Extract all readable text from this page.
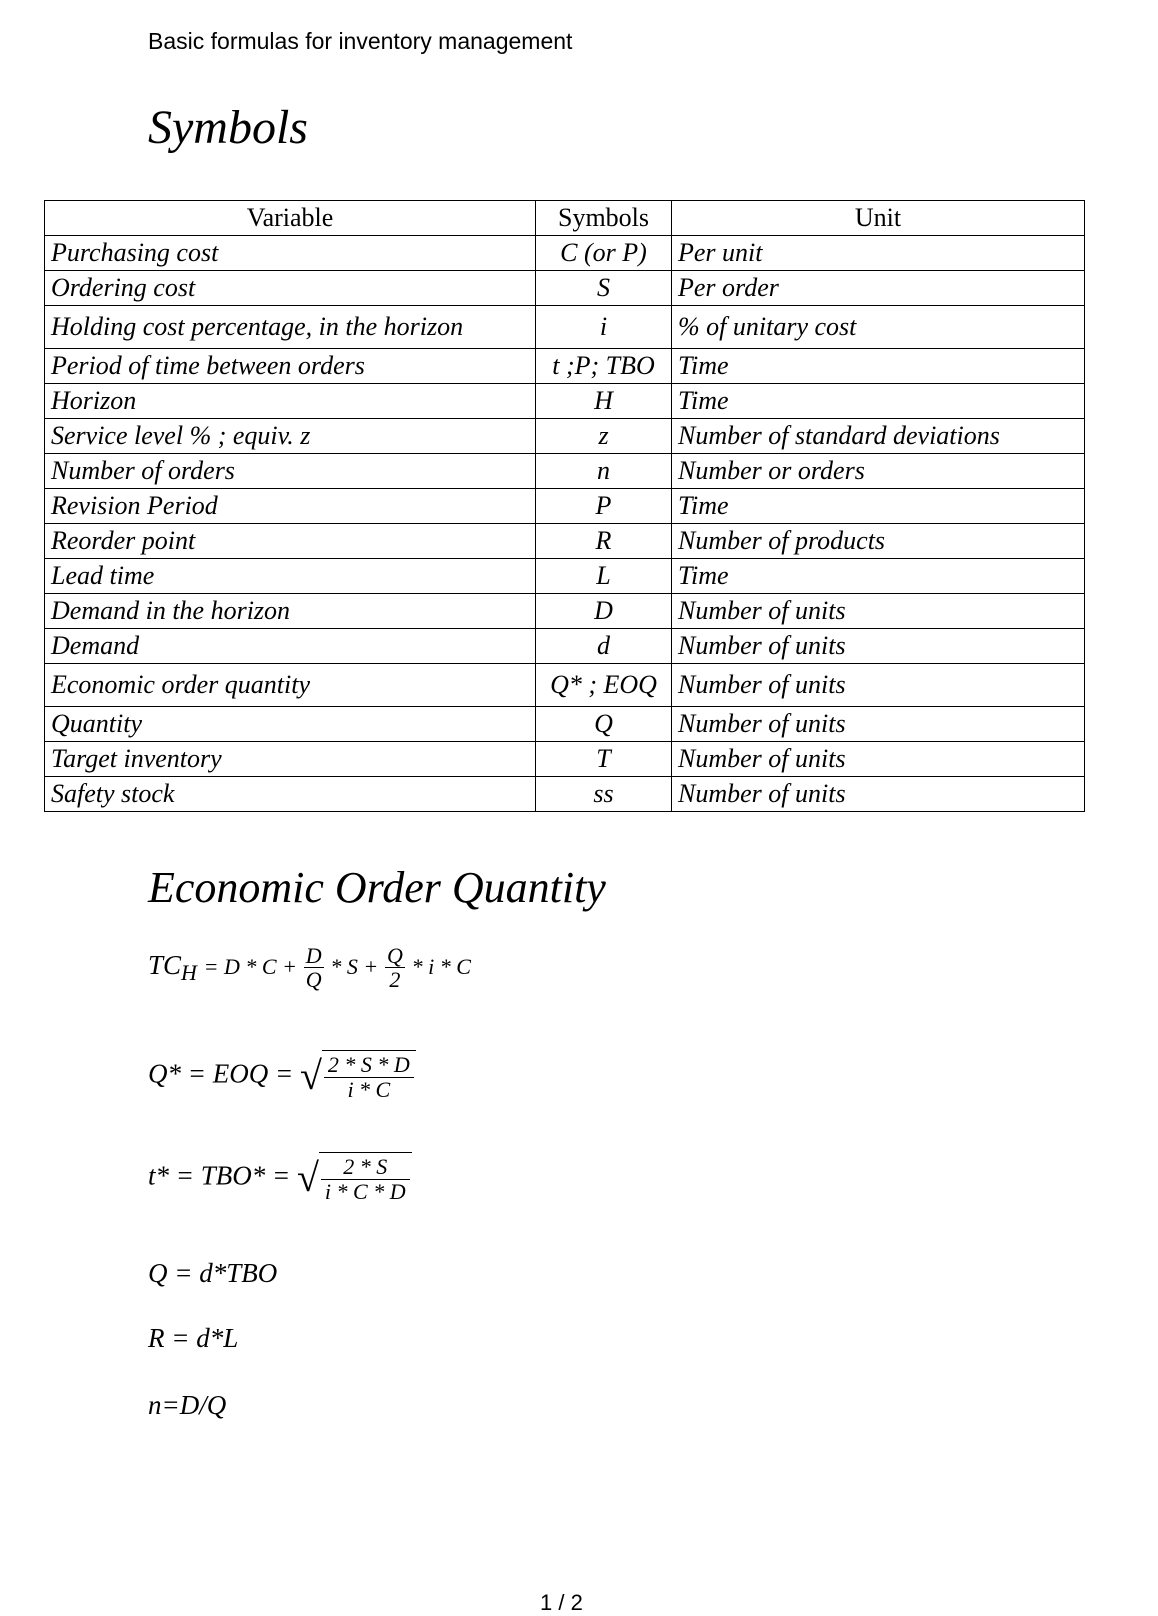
Basic formulas for inventory management
Symbols
Variable	Symbols	Unit
Purchasing cost	C (or P)	Per unit
Ordering cost	S	Per order
Holding cost percentage, in the horizon	i	% of unitary cost
Period of time between orders	t ;P; TBO	Time
Horizon	H	Time
Service level % ; equiv. z	z	Number of standard deviations
Number of orders	n	Number or orders
Revision Period	P	Time
Reorder point	R	Number of products
Lead time	L	Time
Demand in the horizon	D	Number of units
Demand	d	Number of units
Economic order quantity	Q* ; EOQ	Number of units
Quantity	Q	Number of units
Target inventory	T	Number of units
Safety stock	ss	Number of units
Economic Order Quantity
$TC_H = D * C + \frac{D}{Q} * S + \frac{Q}{2} * i * C$
Q* = EOQ = √ $\frac{2 * S * D}{i * C}$
t* = TBO* = √ $\frac{2 * S}{i * C * D}$
Q = d*TBO
R = d*L
n=D/Q
1 / 2
